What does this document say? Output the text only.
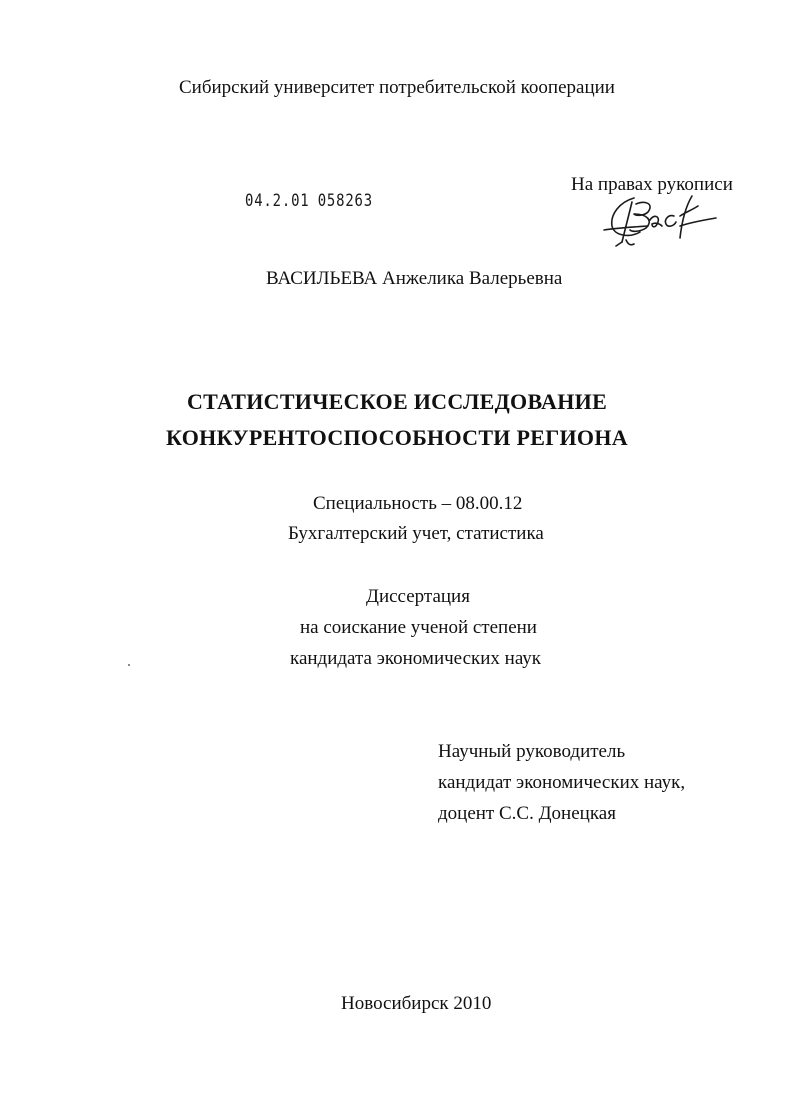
Сибирский университет потребительской кооперации
На правах рукописи
04.2.01 058263
ВАСИЛЬЕВА Анжелика Валерьевна
СТАТИСТИЧЕСКОЕ ИССЛЕДОВАНИЕ
КОНКУРЕНТОСПОСОБНОСТИ РЕГИОНА
Специальность – 08.00.12
Бухгалтерский учет, статистика
Диссертация
на соискание ученой степени
кандидата экономических наук
Научный руководитель
кандидат экономических наук,
доцент С.С. Донецкая
Новосибирск 2010
